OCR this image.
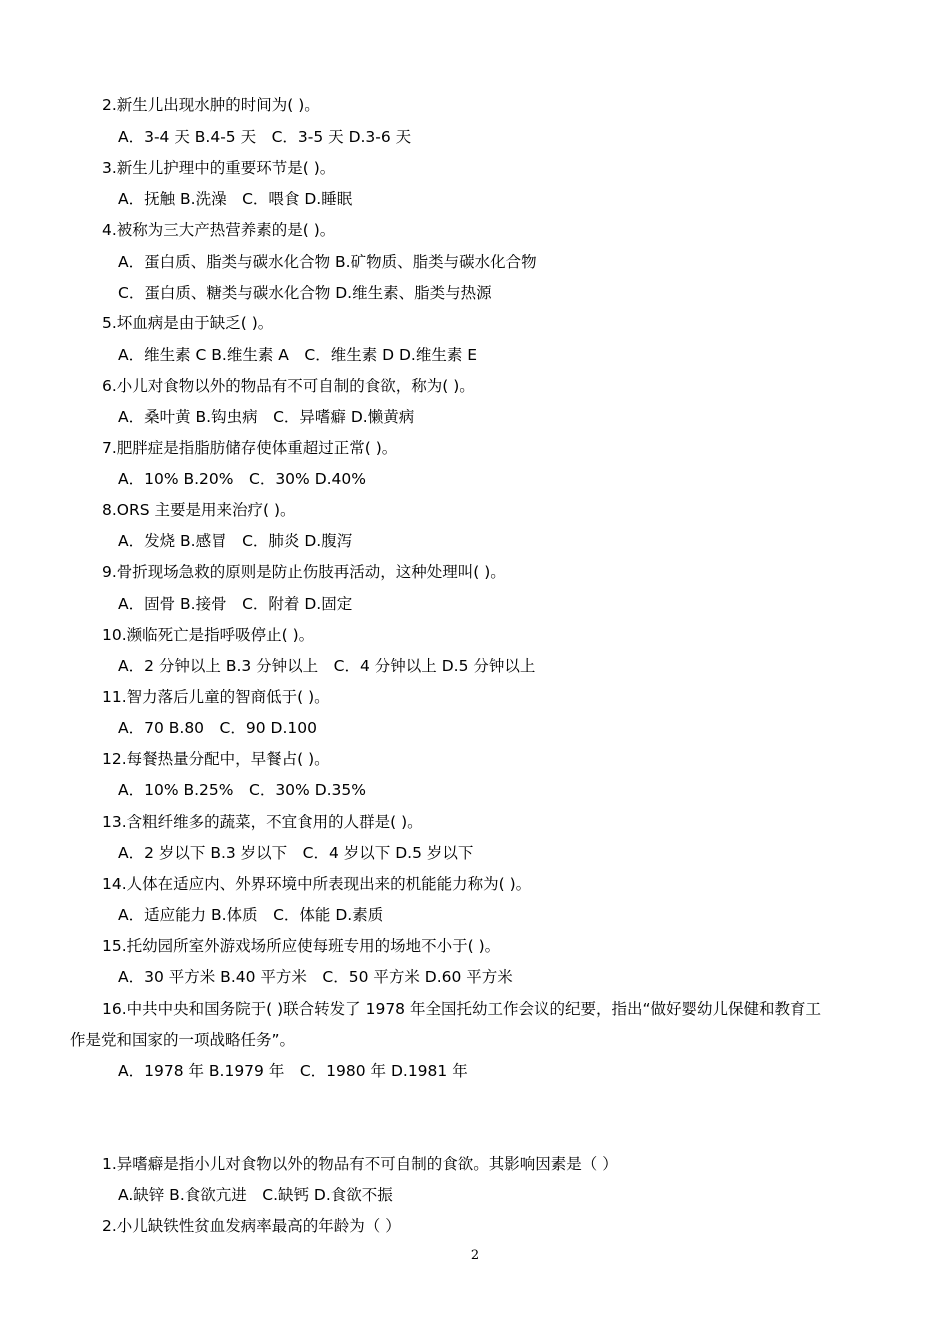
2.新生儿出现水肿的时间为( )。
A．3-4 天 B.4-5 天　C．3-5 天 D.3-6 天
3.新生儿护理中的重要环节是( )。
A．抚触 B.洗澡　C．喂食 D.睡眠
4.被称为三大产热营养素的是( )。
A．蛋白质、脂类与碳水化合物 B.矿物质、脂类与碳水化合物
C．蛋白质、糖类与碳水化合物 D.维生素、脂类与热源
5.坏血病是由于缺乏( )。
A．维生素 C B.维生素 A　C．维生素 D D.维生素 E
6.小儿对食物以外的物品有不可自制的食欲，称为( )。
A．桑叶黄 B.钩虫病　C．异嗜癖 D.懒黄病
7.肥胖症是指脂肪储存使体重超过正常( )。
A．10% B.20%　C．30% D.40%
8.ORS 主要是用来治疗( )。
A．发烧 B.感冒　C．肺炎 D.腹泻
9.骨折现场急救的原则是防止伤肢再活动，这种处理叫( )。
A．固骨 B.接骨　C．附着 D.固定
10.濒临死亡是指呼吸停止( )。
A．2 分钟以上 B.3 分钟以上　C．4 分钟以上 D.5 分钟以上
11.智力落后儿童的智商低于( )。
A．70 B.80　C．90 D.100
12.每餐热量分配中，早餐占( )。
A．10% B.25%　C．30% D.35%
13.含粗纤维多的蔬菜，不宜食用的人群是( )。
A．2 岁以下 B.3 岁以下　C．4 岁以下 D.5 岁以下
14.人体在适应内、外界环境中所表现出来的机能能力称为( )。
A．适应能力 B.体质　C．体能 D.素质
15.托幼园所室外游戏场所应使每班专用的场地不小于( )。
A．30 平方米 B.40 平方米　C．50 平方米 D.60 平方米
16.中共中央和国务院于( )联合转发了 1978 年全国托幼工作会议的纪要，指出“做好婴幼儿保健和教育工
作是党和国家的一项战略任务”。
A．1978 年 B.1979 年　C．1980 年 D.1981 年
1.异嗜癖是指小儿对食物以外的物品有不可自制的食欲。其影响因素是（ ）
A.缺锌 B.食欲亢进　C.缺钙 D.食欲不振
2.小儿缺铁性贫血发病率最高的年龄为（ ）
2
